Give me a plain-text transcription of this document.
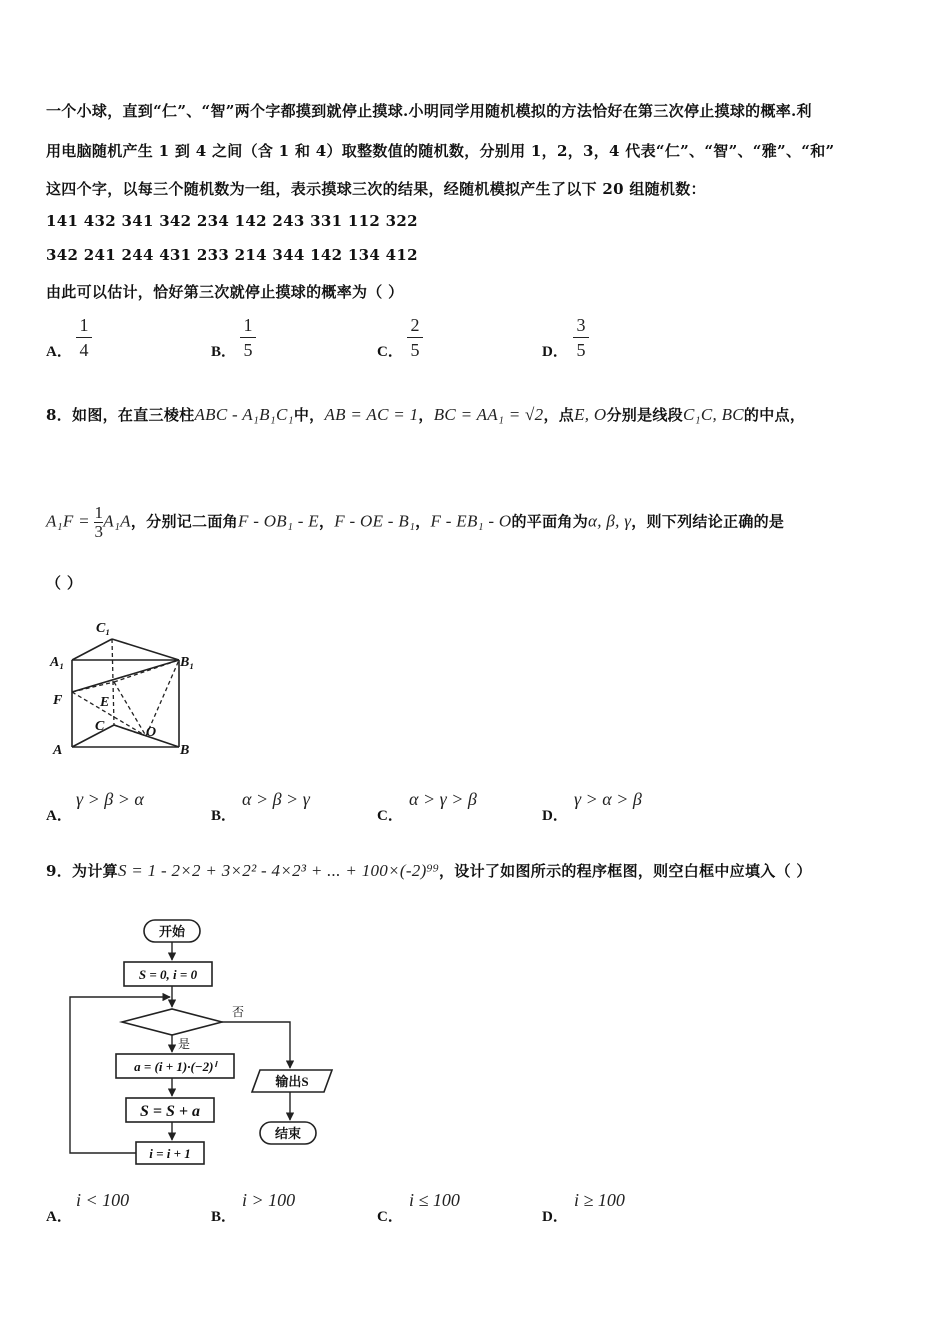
一个小球，直到“仁”、“智”两个字都摸到就停止摸球.小明同学用随机模拟的方法恰好在第三次停止摸球的概率.利
用电脑随机产生 1 到 4 之间（含 1 和 4）取整数值的随机数，分别用 1，2，3，4 代表“仁”、“智”、“雅”、“和”
这四个字，以每三个随机数为一组，表示摸球三次的结果，经随机模拟产生了以下 20 组随机数：
141 432 341 342 234 142 243 331 112 322
342 241 244 431 233 214 344 142 134 412
由此可以估计，恰好第三次就停止摸球的概率为（ ）
A．
1
4	B．
1
5	C．
2
5	D．
3
5
8．如图，在直三棱柱ABC - A₁B₁C₁中，AB = AC = 1，BC = AA₁ = √2，点E, O分别是线段C₁C, BC的中点，
$A_1F = \frac{1}{3} A_1A$，分别记二面角F - OB₁ - E，F - OE - B₁，F - EB₁ - O的平面角为α, β, γ，则下列结论正确的是
（ ）
C₁
A₁	B₁
F	E
C	O
A	B
A．
γ > β > α
B．
α > β > γ
C．
α > γ > β
D．
γ > α > β
9．为计算S = 1 - 2×2 + 3×2² - 4×2³ + ... + 100×(-2)⁹⁹，设计了如图所示的程序框图，则空白框中应填入（ ）
开始
S = 0, i = 0
a = (i + 1)·(−2)ⁱ
S = S + a
i = i + 1
输出S
结束
是
否
A．
i < 100
B．
i > 100
C．
i ≤ 100
D．
i ≥ 100
